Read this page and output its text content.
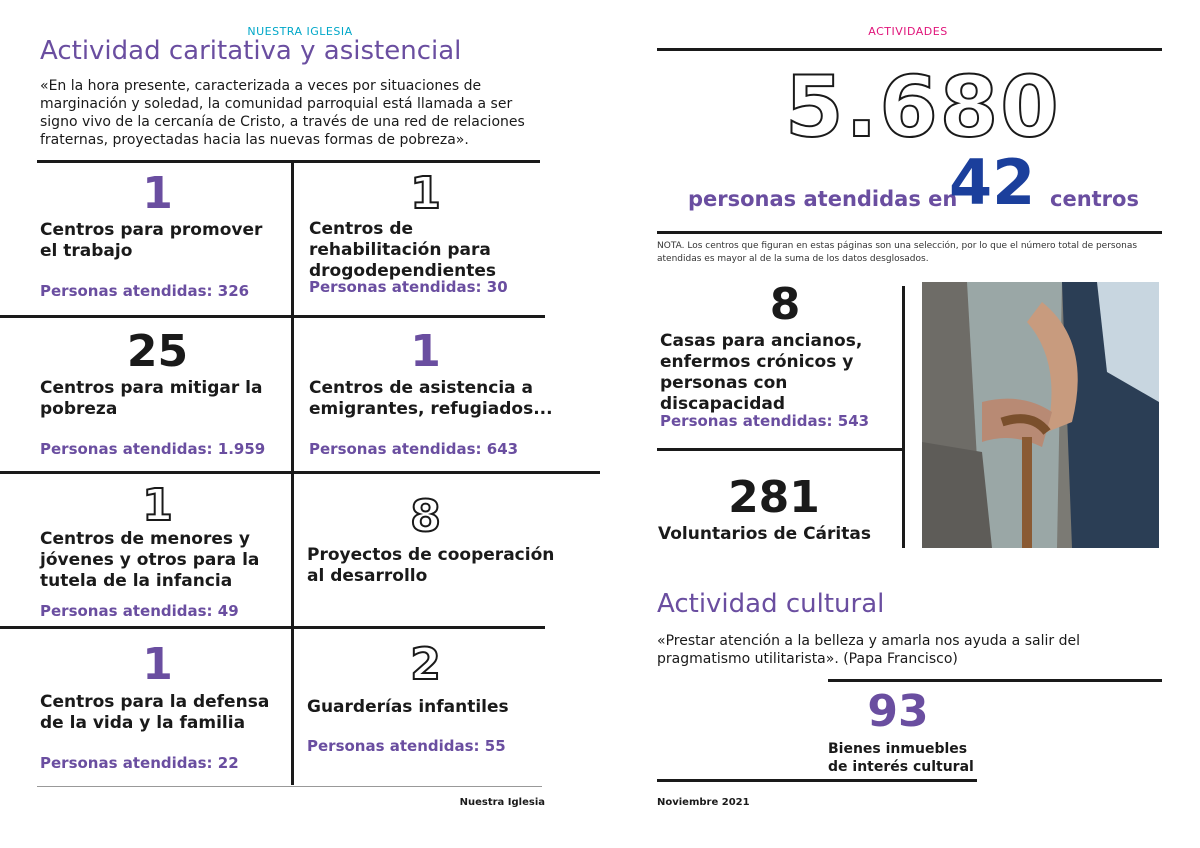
NUESTRA IGLESIA
Actividad caritativa y asistencial
«En la hora presente, caracterizada a veces por situaciones de marginación y soledad, la comunidad parroquial está llamada a ser signo vivo de la cercanía de Cristo, a través de una red de relaciones fraternas, proyectadas hacia las nuevas formas de pobreza».
1
Centros para promover el trabajo
Personas atendidas: 326
1
Centros de rehabilitación para drogodependientes
Personas atendidas: 30
25
Centros para mitigar la pobreza
Personas atendidas: 1.959
1
Centros de asistencia a emigrantes, refugiados...
Personas atendidas: 643
1
Centros de menores y jóvenes y otros para la tutela de la infancia
Personas atendidas: 49
8
Proyectos de cooperación al desarrollo
1
Centros para la defensa de la vida y la familia
Personas atendidas: 22
2
Guarderías infantiles
Personas atendidas: 55
Nuestra Iglesia
ACTIVIDADES
5.680
personas atendidas en
42 centros
NOTA. Los centros que figuran en estas páginas son una selección, por lo que el número total de personas atendidas es mayor al de la suma de los datos desglosados.
8
Casas para ancianos, enfermos crónicos y personas con discapacidad
Personas atendidas: 543
281
Voluntarios de Cáritas
Actividad cultural
«Prestar atención a la belleza y amarla nos ayuda a salir del pragmatismo utilitarista». (Papa Francisco)
93
Bienes inmuebles de interés cultural
Noviembre 2021
